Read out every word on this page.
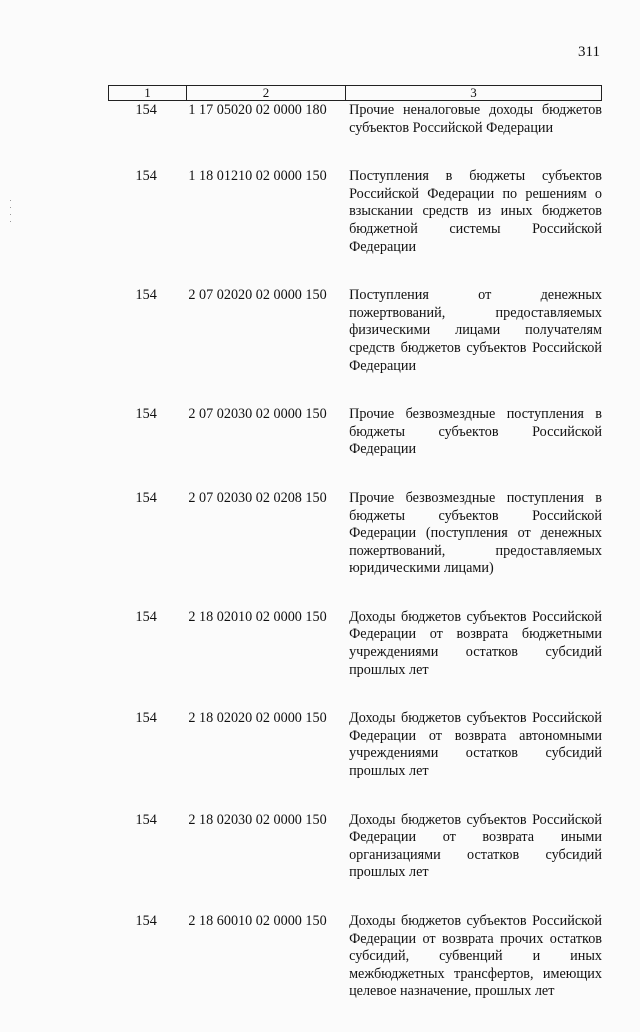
311
1	2	3
154	1 17 05020 02 0000 180	Прочие неналоговые доходы бюджетов субъектов Российской Федерации
154	1 18 01210 02 0000 150	Поступления в бюджеты субъектов Российской Федерации по решениям о взыскании средств из иных бюджетов бюджетной системы Российской Федерации
154	2 07 02020 02 0000 150	Поступления от денежных пожертвований, предоставляемых физическими лицами получателям средств бюджетов субъектов Российской Федерации
154	2 07 02030 02 0000 150	Прочие безвозмездные поступления в бюджеты субъектов Российской Федерации
154	2 07 02030 02 0208 150	Прочие безвозмездные поступления в бюджеты субъектов Российской Федерации (поступления от денежных пожертвований, предоставляемых юридическими лицами)
154	2 18 02010 02 0000 150	Доходы бюджетов субъектов Российской Федерации от возврата бюджетными учреждениями остатков субсидий прошлых лет
154	2 18 02020 02 0000 150	Доходы бюджетов субъектов Российской Федерации от возврата автономными учреждениями остатков субсидий прошлых лет
154	2 18 02030 02 0000 150	Доходы бюджетов субъектов Российской Федерации от возврата иными организациями остатков субсидий прошлых лет
154	2 18 60010 02 0000 150	Доходы бюджетов субъектов Российской Федерации от возврата прочих остатков субсидий, субвенций и иных межбюджетных трансфертов, имеющих целевое назначение, прошлых лет
